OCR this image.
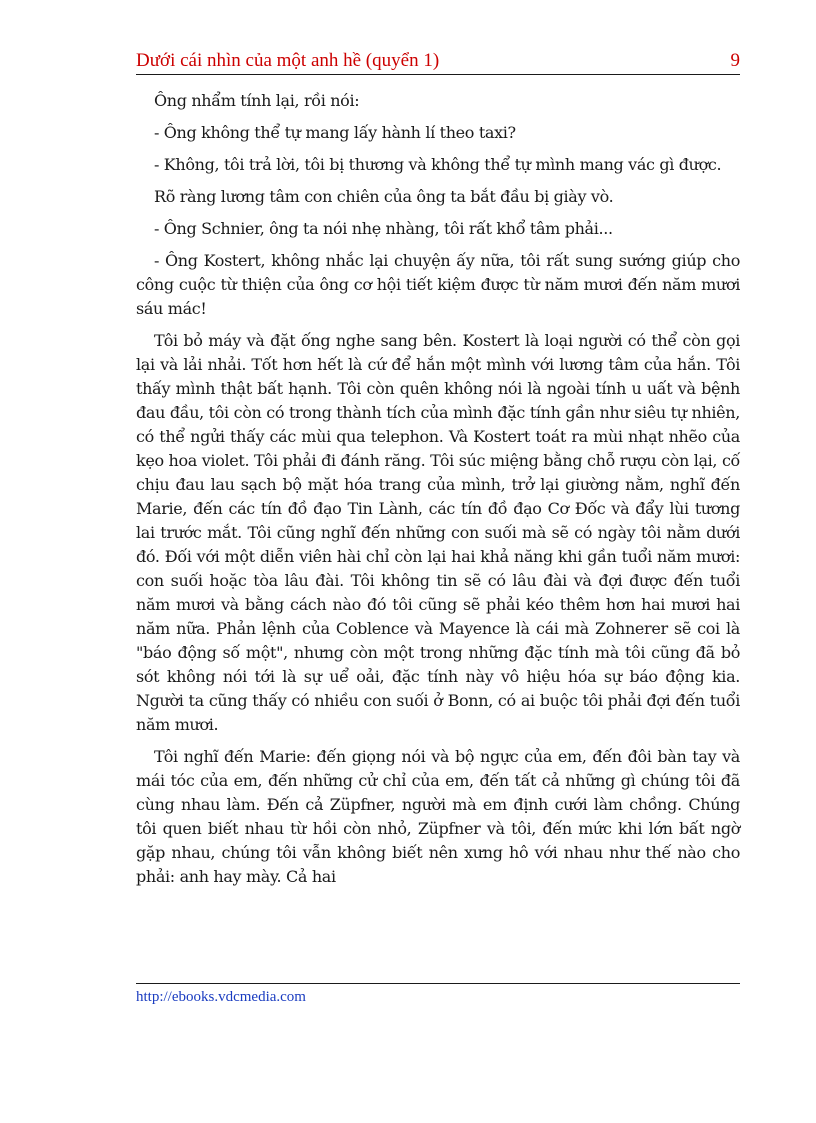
Dưới cái nhìn của một anh hề (quyển 1)	9

Ông nhẩm tính lại, rồi nói:

- Ông không thể tự mang lấy hành lí theo taxi?

- Không, tôi trả lời, tôi bị thương và không thể tự mình mang vác gì được.

Rõ ràng lương tâm con chiên của ông ta bắt đầu bị giày vò.

- Ông Schnier, ông ta nói nhẹ nhàng, tôi rất khổ tâm phải...

- Ông Kostert, không nhắc lại chuyện ấy nữa, tôi rất sung sướng giúp cho công cuộc từ thiện của ông cơ hội tiết kiệm được từ năm mươi đến năm mươi sáu mác!

Tôi bỏ máy và đặt ống nghe sang bên. Kostert là loại người có thể còn gọi lại và lải nhải. Tốt hơn hết là cứ để hắn một mình với lương tâm của hắn. Tôi thấy mình thật bất hạnh. Tôi còn quên không nói là ngoài tính u uất và bệnh đau đầu, tôi còn có trong thành tích của mình đặc tính gần như siêu tự nhiên, có thể ngửi thấy các mùi qua telephon. Và Kostert toát ra mùi nhạt nhẽo của kẹo hoa violet. Tôi phải đi đánh răng. Tôi súc miệng bằng chỗ rượu còn lại, cố chịu đau lau sạch bộ mặt hóa trang của mình, trở lại giường nằm, nghĩ đến Marie, đến các tín đồ đạo Tin Lành, các tín đồ đạo Cơ Đốc và đẩy lùi tương lai trước mắt. Tôi cũng nghĩ đến những con suối mà sẽ có ngày tôi nằm dưới đó. Đối với một diễn viên hài chỉ còn lại hai khả năng khi gần tuổi năm mươi: con suối hoặc tòa lâu đài. Tôi không tin sẽ có lâu đài và đợi được đến tuổi năm mươi và bằng cách nào đó tôi cũng sẽ phải kéo thêm hơn hai mươi hai năm nữa. Phản lệnh của Coblence và Mayence là cái mà Zohnerer sẽ coi là "báo động số một", nhưng còn một trong những đặc tính mà tôi cũng đã bỏ sót không nói tới là sự uể oải, đặc tính này vô hiệu hóa sự báo động kia. Người ta cũng thấy có nhiều con suối ở Bonn, có ai buộc tôi phải đợi đến tuổi năm mươi.

Tôi nghĩ đến Marie: đến giọng nói và bộ ngực của em, đến đôi bàn tay và mái tóc của em, đến những cử chỉ của em, đến tất cả những gì chúng tôi đã cùng nhau làm. Đến cả Züpfner, người mà em định cưới làm chồng. Chúng tôi quen biết nhau từ hồi còn nhỏ, Züpfner và tôi, đến mức khi lớn bất ngờ gặp nhau, chúng tôi vẫn không biết nên xưng hô với nhau như thế nào cho phải: anh hay mày. Cả hai

http://ebooks.vdcmedia.com
